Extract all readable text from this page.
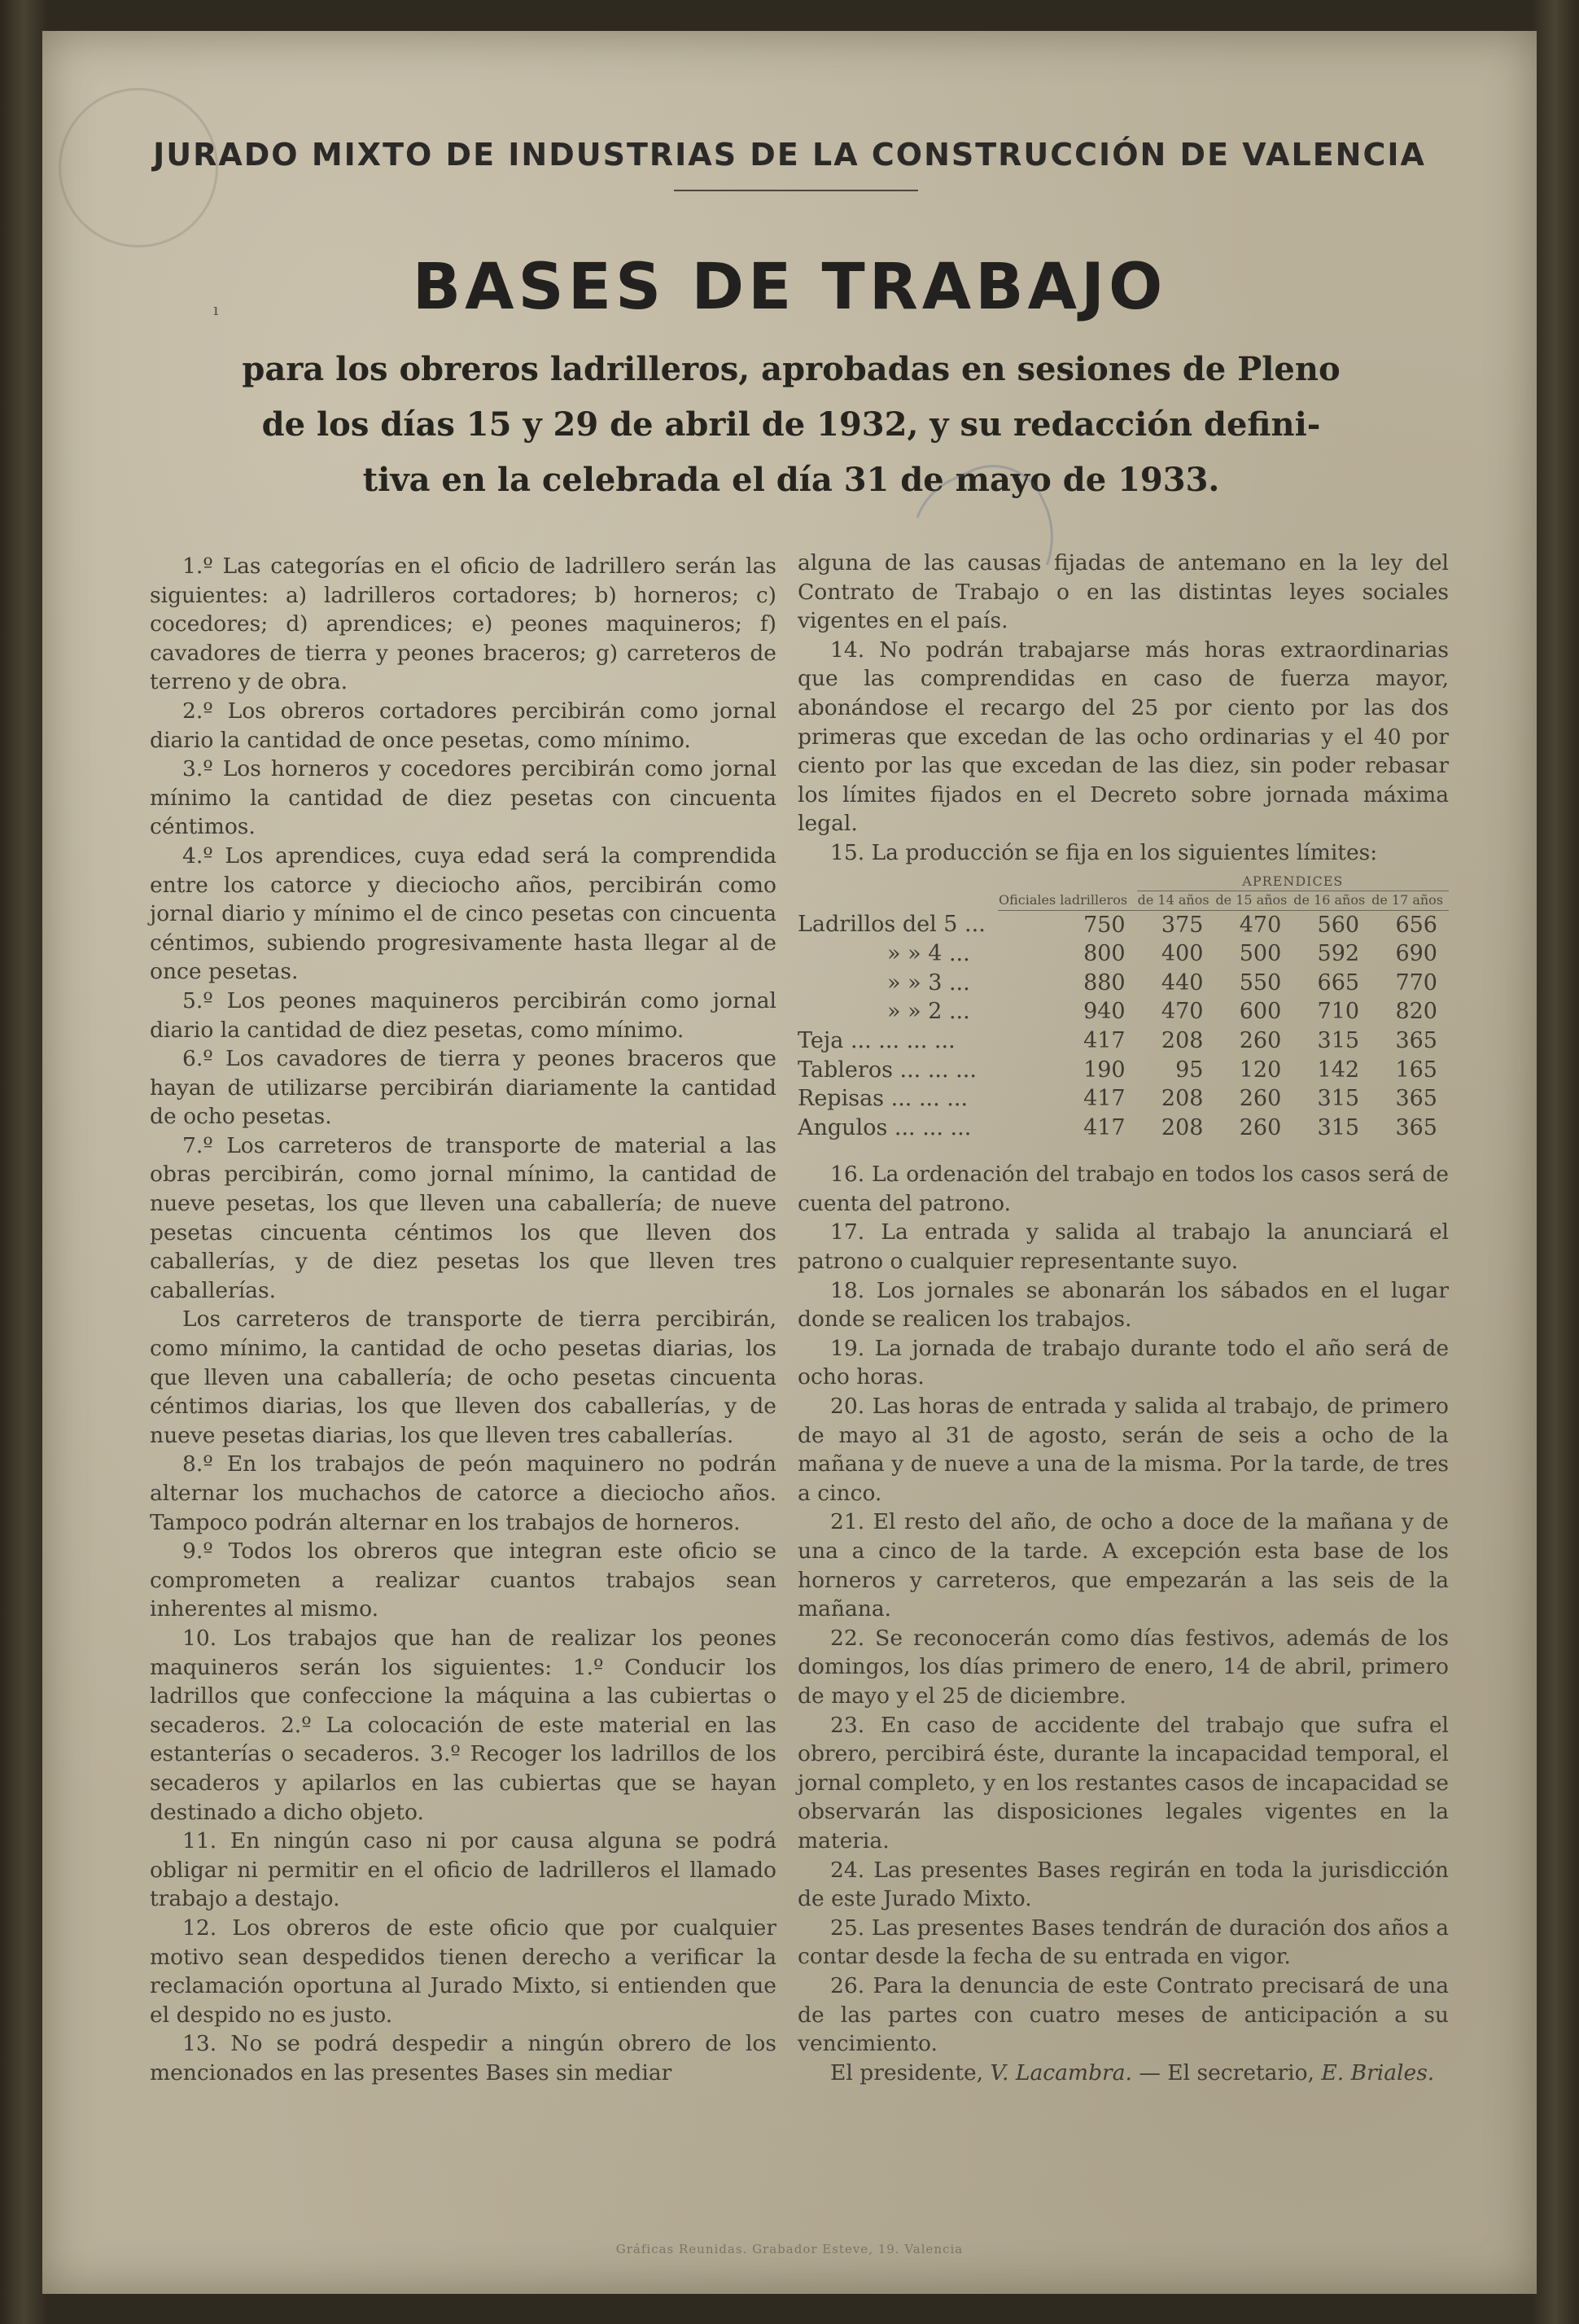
JURADO MIXTO DE INDUSTRIAS DE LA CONSTRUCCIÓN DE VALENCIA
BASES DE TRABAJO
ı
para los obreros ladrilleros, aprobadas en sesiones de Pleno
de los días 15 y 29 de abril de 1932, y su redacción defini-
tiva en la celebrada el día 31 de mayo de 1933.

1.º Las categorías en el oficio de ladrillero serán las siguientes: a) ladrilleros cortadores; b) horneros; c) cocedores; d) aprendices; e) peones maquineros; f) cavadores de tierra y peones braceros; g) carreteros de terreno y de obra.

2.º Los obreros cortadores percibirán como jornal diario la cantidad de once pesetas, como mínimo.

3.º Los horneros y cocedores percibirán como jornal mínimo la cantidad de diez pesetas con cincuenta céntimos.

4.º Los aprendices, cuya edad será la comprendida entre los catorce y dieciocho años, percibirán como jornal diario y mínimo el de cinco pesetas con cincuenta céntimos, subiendo progresivamente hasta llegar al de once pesetas.

5.º Los peones maquineros percibirán como jornal diario la cantidad de diez pesetas, como mínimo.

6.º Los cavadores de tierra y peones braceros que hayan de utilizarse percibirán diariamente la cantidad de ocho pesetas.

7.º Los carreteros de transporte de material a las obras percibirán, como jornal mínimo, la cantidad de nueve pesetas, los que lleven una caballería; de nueve pesetas cincuenta céntimos los que lleven dos caballerías, y de diez pesetas los que lleven tres caballerías.

Los carreteros de transporte de tierra percibirán, como mínimo, la cantidad de ocho pesetas diarias, los que lleven una caballería; de ocho pesetas cincuenta céntimos diarias, los que lleven dos caballerías, y de nueve pesetas diarias, los que lleven tres caballerías.

8.º En los trabajos de peón maquinero no podrán alternar los muchachos de catorce a dieciocho años. Tampoco podrán alternar en los trabajos de horneros.

9.º Todos los obreros que integran este oficio se comprometen a realizar cuantos trabajos sean inherentes al mismo.

10. Los trabajos que han de realizar los peones maquineros serán los siguientes: 1.º Conducir los ladrillos que confeccione la máquina a las cubiertas o secaderos. 2.º La colocación de este material en las estanterías o secaderos. 3.º Recoger los ladrillos de los secaderos y apilarlos en las cubiertas que se hayan destinado a dicho objeto.

11. En ningún caso ni por causa alguna se podrá obligar ni permitir en el oficio de ladrilleros el llamado trabajo a destajo.

12. Los obreros de este oficio que por cualquier motivo sean despedidos tienen derecho a verificar la reclamación oportuna al Jurado Mixto, si entienden que el despido no es justo.

13. No se podrá despedir a ningún obrero de los mencionados en las presentes Bases sin mediar

alguna de las causas fijadas de antemano en la ley del Contrato de Trabajo o en las distintas leyes sociales vigentes en el país.

14. No podrán trabajarse más horas extraordinarias que las comprendidas en caso de fuerza mayor, abonándose el recargo del 25 por ciento por las dos primeras que excedan de las ocho ordinarias y el 40 por ciento por las que excedan de las diez, sin poder rebasar los límites fijados en el Decreto sobre jornada máxima legal.

15. La producción se fija en los siguientes límites:

	Oficiales ladrilleros	APRENDICES			
		de 14 años	de 15 años	de 16 años	de 17 años
Ladrillos del 5 ...	750	375	470	560	656
» » 4 ...	800	400	500	592	690
» » 3 ...	880	440	550	665	770
» » 2 ...	940	470	600	710	820
Teja ... ... ... ...	417	208	260	315	365
Tableros ... ... ...	190	95	120	142	165
Repisas ... ... ...	417	208	260	315	365
Angulos ... ... ...	417	208	260	315	365

16. La ordenación del trabajo en todos los casos será de cuenta del patrono.

17. La entrada y salida al trabajo la anunciará el patrono o cualquier representante suyo.

18. Los jornales se abonarán los sábados en el lugar donde se realicen los trabajos.

19. La jornada de trabajo durante todo el año será de ocho horas.

20. Las horas de entrada y salida al trabajo, de primero de mayo al 31 de agosto, serán de seis a ocho de la mañana y de nueve a una de la misma. Por la tarde, de tres a cinco.

21. El resto del año, de ocho a doce de la mañana y de una a cinco de la tarde. A excepción esta base de los horneros y carreteros, que empezarán a las seis de la mañana.

22. Se reconocerán como días festivos, además de los domingos, los días primero de enero, 14 de abril, primero de mayo y el 25 de diciembre.

23. En caso de accidente del trabajo que sufra el obrero, percibirá éste, durante la incapacidad temporal, el jornal completo, y en los restantes casos de incapacidad se observarán las disposiciones legales vigentes en la materia.

24. Las presentes Bases regirán en toda la jurisdicción de este Jurado Mixto.

25. Las presentes Bases tendrán de duración dos años a contar desde la fecha de su entrada en vigor.

26. Para la denuncia de este Contrato precisará de una de las partes con cuatro meses de anticipación a su vencimiento.

El presidente, V. Lacambra. — El secretario, E. Briales.

Gráficas Reunidas. Grabador Esteve, 19. Valencia
